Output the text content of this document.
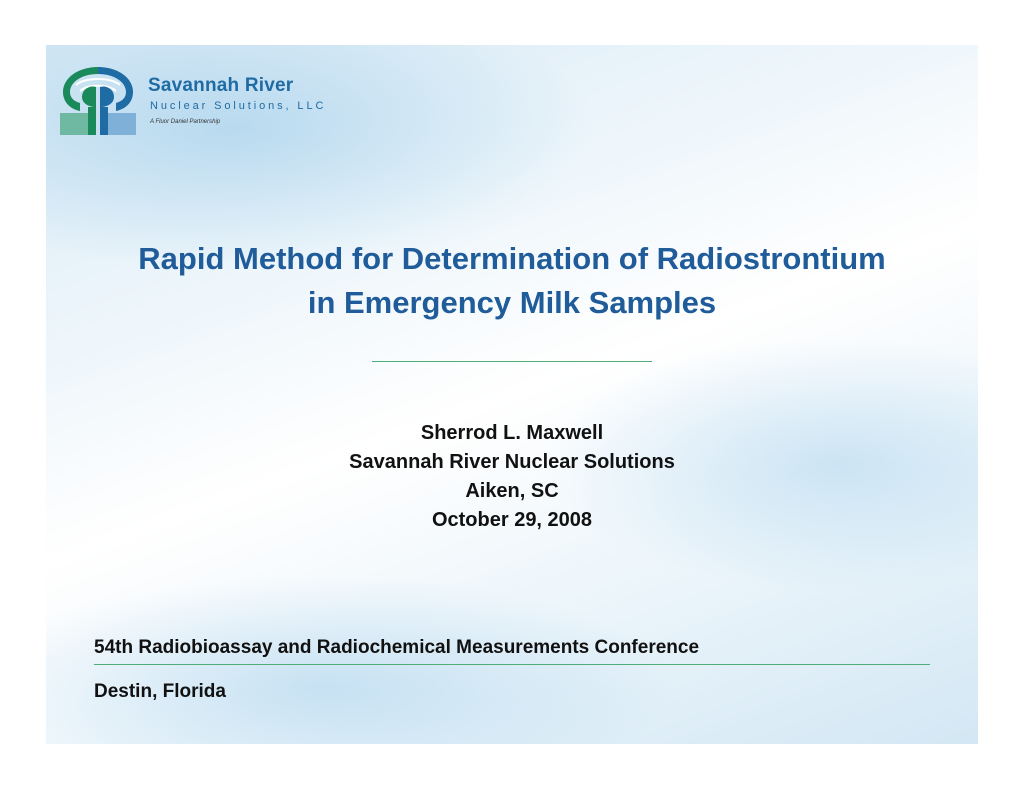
Savannah River
Nuclear Solutions, LLC
A Fluor Daniel Partnership
Rapid Method for Determination of Radiostrontium
in Emergency Milk Samples
Sherrod L. Maxwell
Savannah River Nuclear Solutions
Aiken, SC
October 29, 2008
54th Radiobioassay and Radiochemical Measurements Conference
Destin, Florida
